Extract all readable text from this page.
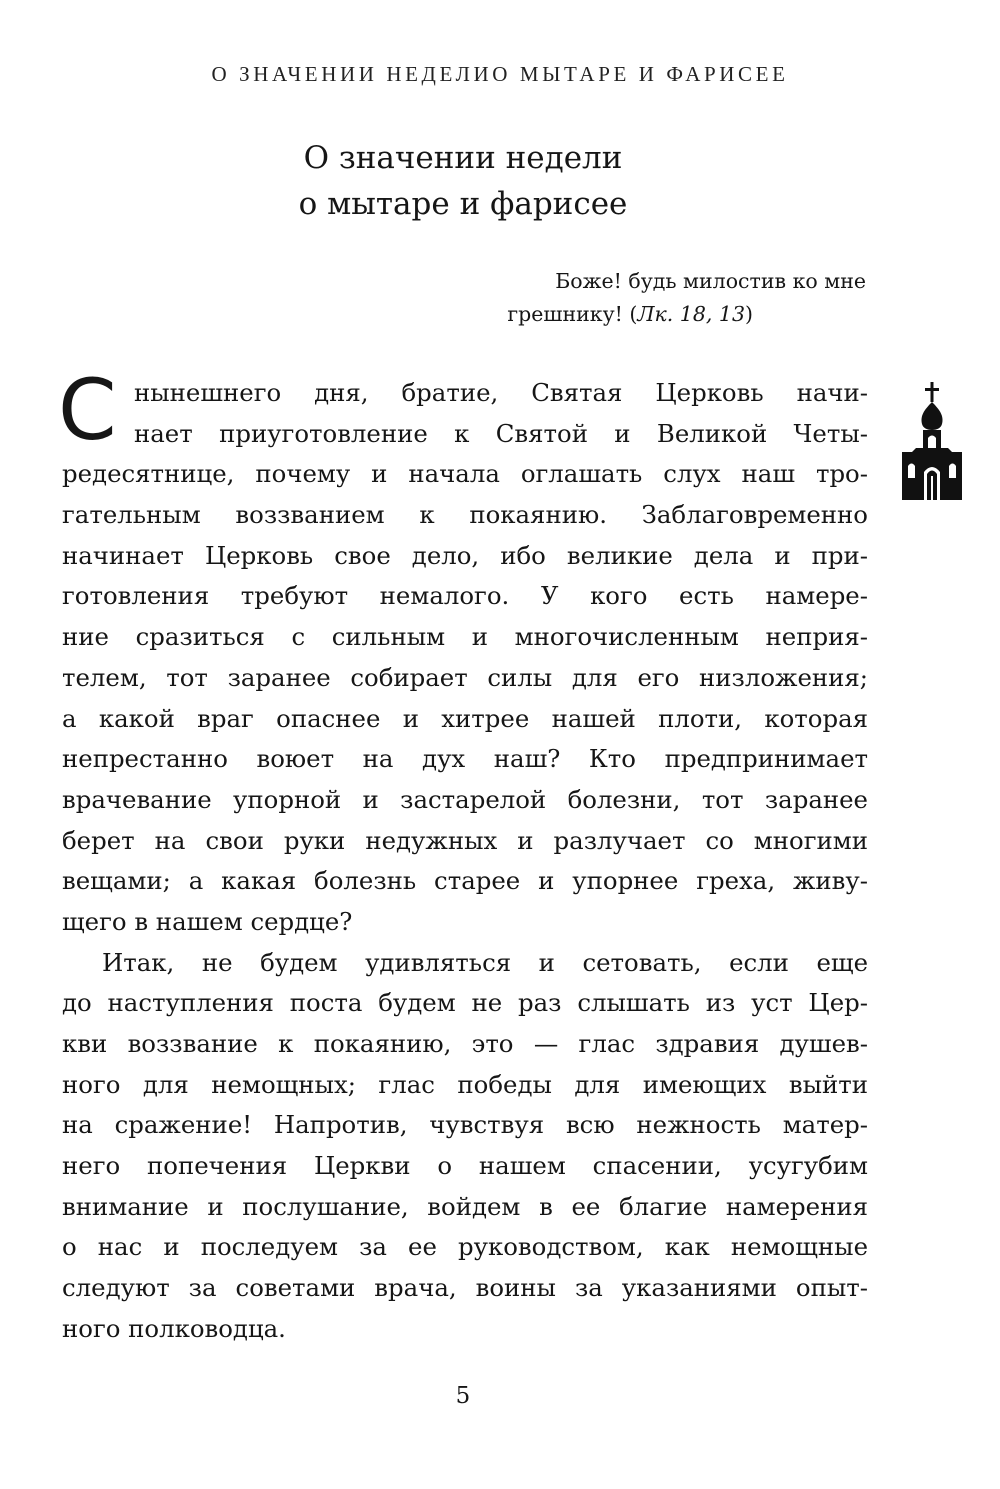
О ЗНАЧЕНИИ НЕДЕЛИО МЫТАРЕ И ФАРИСЕЕ
О значении недели
о мытаре и фарисее
Боже! будь милостив ко мне
грешнику! (Лк. 18, 13)
С нынешнего дня, братие, Святая Церковь начи-
нает приуготовление к Святой и Великой Четы-
редесятнице, почему и начала оглашать слух наш тро-
гательным воззванием к покаянию. Заблаговременно
начинает Церковь свое дело, ибо великие дела и при-
готовления требуют немалого. У кого есть намере-
ние сразиться с сильным и многочисленным неприя-
телем, тот заранее собирает силы для его низложения;
а какой враг опаснее и хитрее нашей плоти, которая
непрестанно воюет на дух наш? Кто предпринимает
врачевание упорной и застарелой болезни, тот заранее
берет на свои руки недужных и разлучает со многими
вещами; а какая болезнь старее и упорнее греха, живу-
щего в нашем сердце?
Итак, не будем удивляться и сетовать, если еще
до наступления поста будем не раз слышать из уст Цер-
кви воззвание к покаянию, это — глас здравия душев-
ного для немощных; глас победы для имеющих выйти
на сражение! Напротив, чувствуя всю нежность матер-
него попечения Церкви о нашем спасении, усугубим
внимание и послушание, войдем в ее благие намерения
о нас и последуем за ее руководством, как немощные
следуют за советами врача, воины за указаниями опыт-
ного полководца.
5
